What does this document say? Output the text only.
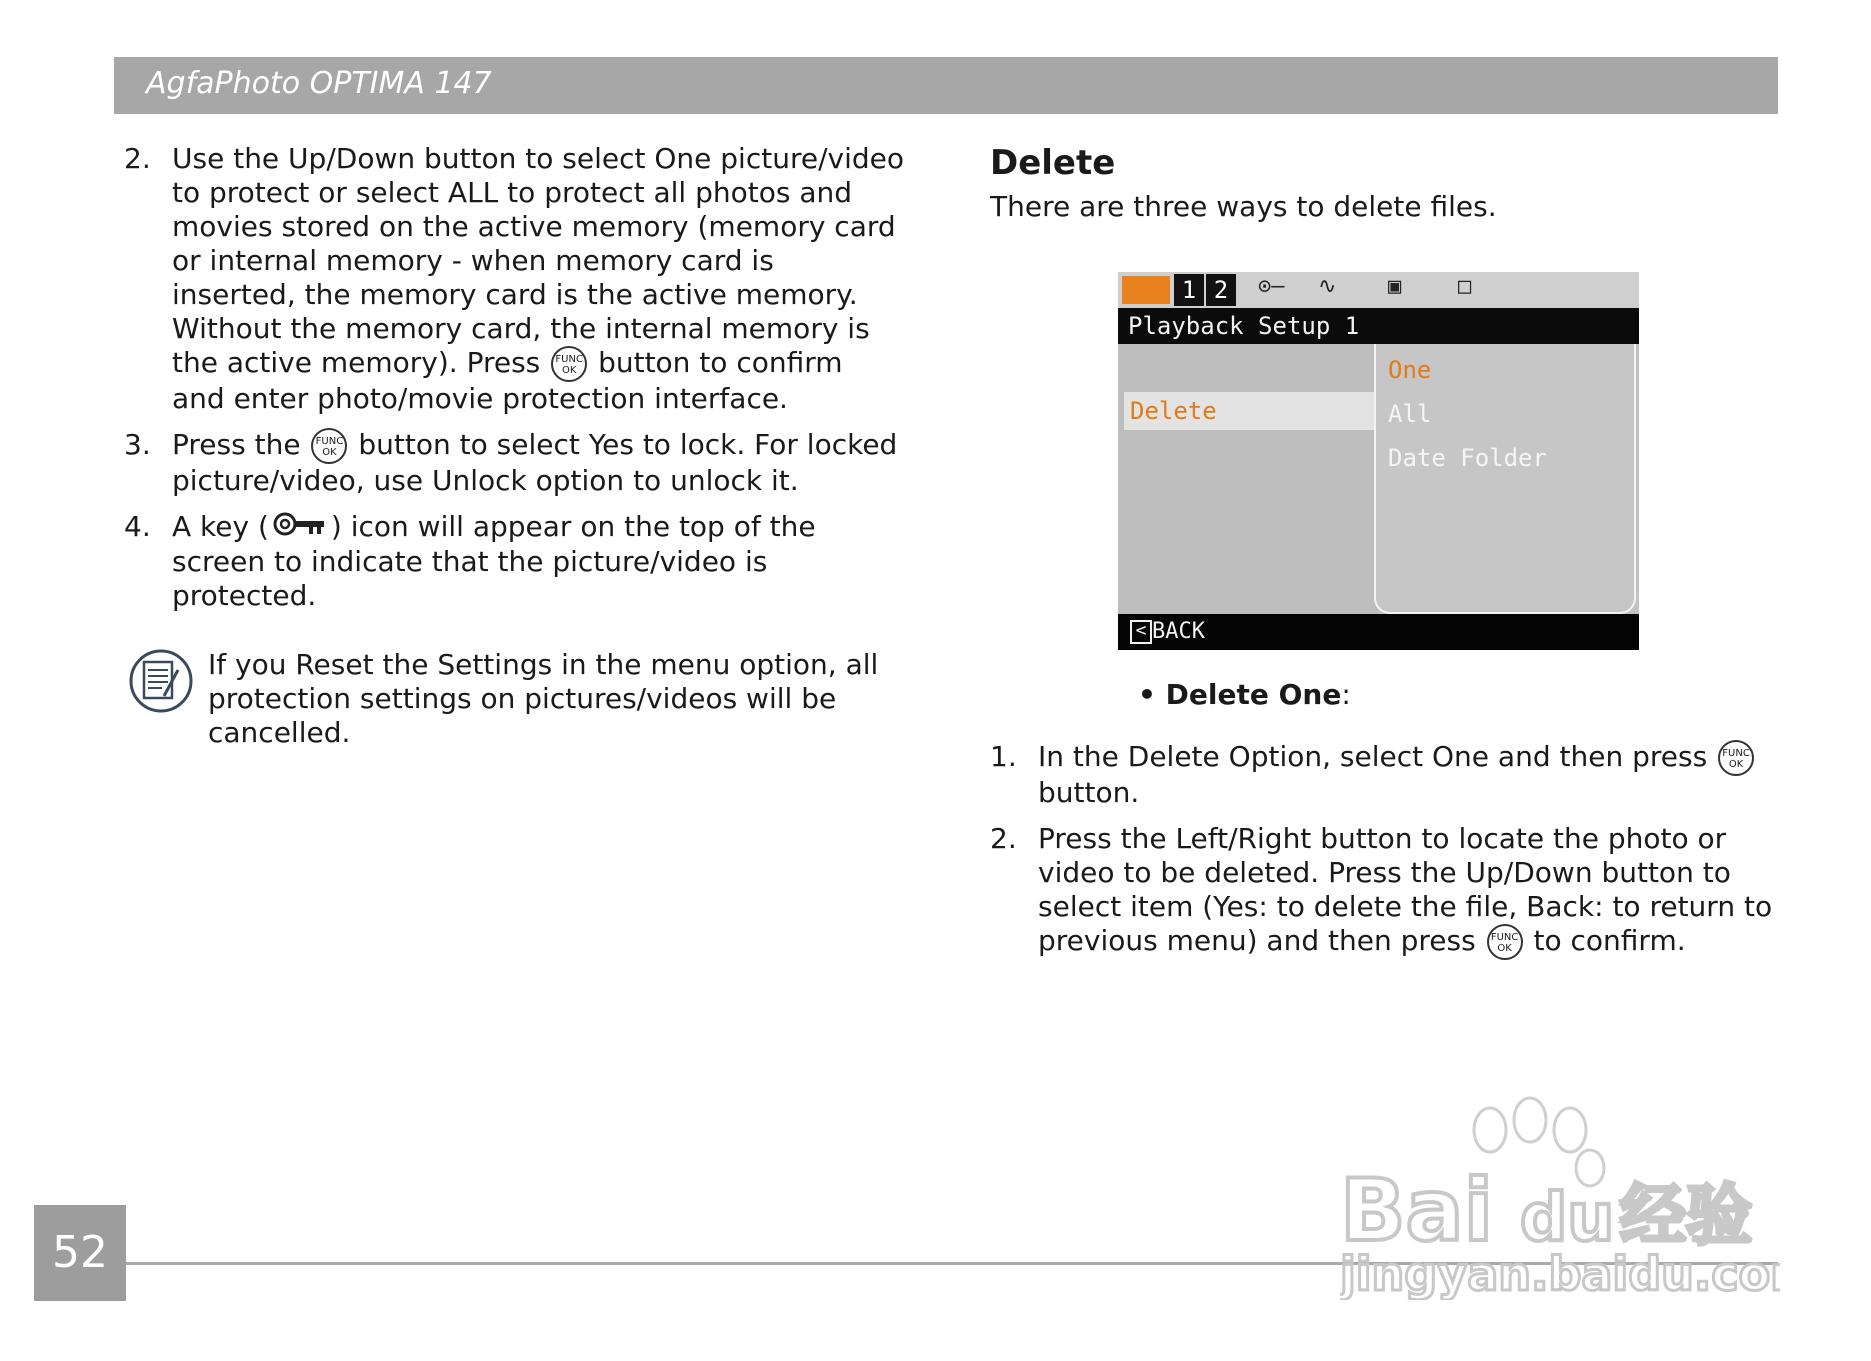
AgfaPhoto OPTIMA 147
2. Use the Up/Down button to select One picture/video to protect or select ALL to protect all photos and movies stored on the active memory (memory card or internal memory - when memory card is inserted, the memory card is the active memory. Without the memory card, the internal memory is the active memory). Press FUNC
OK button to confirm and enter photo/movie protection interface.
3. Press the FUNC
OK button to select Yes to lock. For locked picture/video, use Unlock option to unlock it.
4. A key ( ) icon will appear on the top of the screen to indicate that the picture/video is protected.
If you Reset the Settings in the menu option, all protection settings on pictures/videos will be cancelled.
Delete
There are three ways to delete files.
1 2	⊙— ∿ ▣	□
Playback Setup 1
Delete
One
All
Date Folder
< BACK
• Delete One:
1. In the Delete Option, select One and then press FUNC
OK
button.
2. Press the Left/Right button to locate the photo or video to be deleted. Press the Up/Down button to select item (Yes: to delete the file, Back: to return to previous menu) and then press FUNC
OK to confirm.
52	Bai du 经验
jingyan.baidu.com
